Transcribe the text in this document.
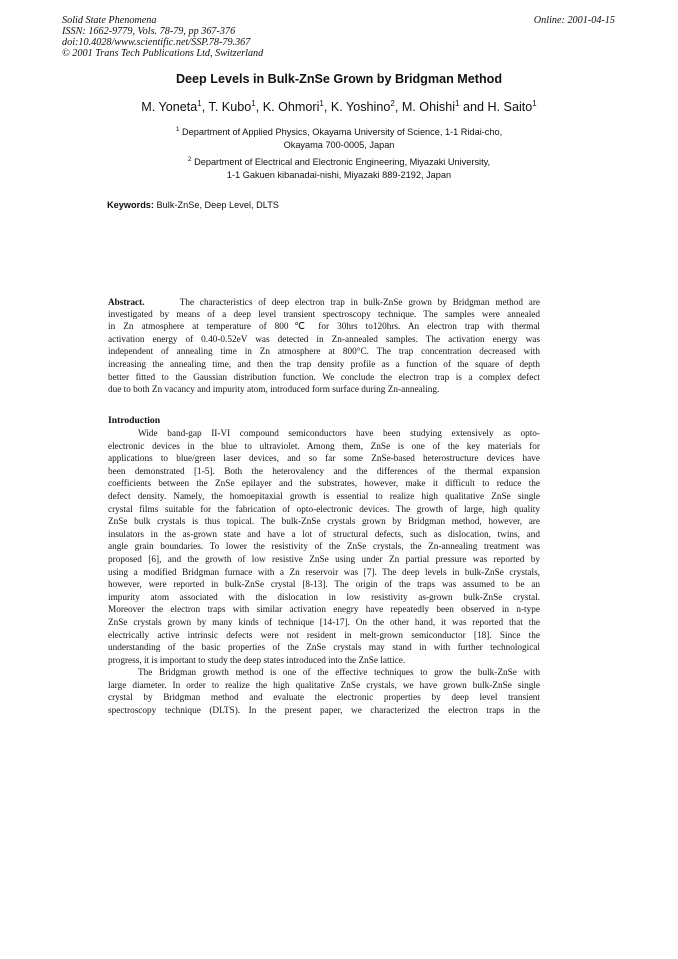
Solid State Phenomena
ISSN: 1662-9779, Vols. 78-79, pp 367-376
doi:10.4028/www.scientific.net/SSP.78-79.367
© 2001 Trans Tech Publications Ltd, Switzerland
Online: 2001-04-15
Deep Levels in Bulk-ZnSe Grown by Bridgman Method
M. Yoneta$^1$, T. Kubo$^1$, K. Ohmori$^1$, K. Yoshino$^2$, M. Ohishi$^1$ and H. Saito$^1$
$^1$ Department of Applied Physics, Okayama University of Science, 1-1 Ridai-cho,
Okayama 700-0005, Japan
$^2$ Department of Electrical and Electronic Engineering, Miyazaki University,
1-1 Gakuen kibanadai-nishi, Miyazaki 889-2192, Japan
Keywords: Bulk-ZnSe, Deep Level, DLTS
Abstract.	The characteristics of deep electron trap in bulk-ZnSe grown by Bridgman method are
investigated by means of a deep level transient spectroscopy technique. The samples were annealed
in Zn atmosphere at temperature of 800℃ for 30hrs to120hrs. An electron trap with thermal
activation energy of 0.40-0.52eV was detected in Zn-annealed samples. The activation energy was
independent of annealing time in Zn atmosphere at 800°C. The trap concentration decreased with
increasing the annealing time, and then the trap density profile as a function of the square of depth
better fitted to the Gaussian distribution function. We conclude the electron trap is a complex defect
due to both Zn vacancy and impurity atom, introduced form surface during Zn-annealing.
Introduction
Wide band-gap II-VI compound semiconductors have been studying extensively as opto-
electronic devices in the blue to ultraviolet. Among them, ZnSe is one of the key materials for
applications to blue/green laser devices, and so far some ZnSe-based heterostructure devices have
been demonstrated [1-5]. Both the heterovalency and the differences of the thermal expansion
coefficients between the ZnSe epilayer and the substrates, however, make it difficult to reduce the
defect density. Namely, the homoepitaxial growth is essential to realize high qualitative ZnSe single
crystal films suitable for the fabrication of opto-electronic devices. The growth of large, high quality
ZnSe bulk crystals is thus topical. The bulk-ZnSe crystals grown by Bridgman method, however, are
insulators in the as-grown state and have a lot of structural defects, such as dislocation, twins, and
angle grain boundaries. To lower the resistivity of the ZnSe crystals, the Zn-annealing treatment was
proposed [6], and the growth of low resistive ZnSe using under Zn partial pressure was reported by
using a modified Bridgman furnace with a Zn reservoir was [7]. The deep levels in bulk-ZnSe crystals,
however, were reported in bulk-ZnSe crystal [8-13]. The origin of the traps was assumed to be an
impurity atom associated with the dislocation in low resistivity as-grown bulk-ZnSe crystal.
Moreover the electron traps with similar activation enegry have repeatedly been observed in n-type
ZnSe crystals grown by many kinds of technique [14-17]. On the other hand, it was reported that the
electrically active intrinsic defects were not resident in melt-grown semiconductor [18]. Since the
understanding of the basic properties of the ZnSe crystals may stand in with further technological
progress, it is important to study the deep states introduced into the ZnSe lattice.
The Bridgman growth method is one of the effective techniques to grow the bulk-ZnSe with
large diameter. In order to realize the high qualitative ZnSe crystals, we have grown bulk-ZnSe single
crystal by Bridgman method and evaluate the electronic properties by deep level transient
spectroscopy technique (DLTS). In the present paper, we characterized the electron traps in the
